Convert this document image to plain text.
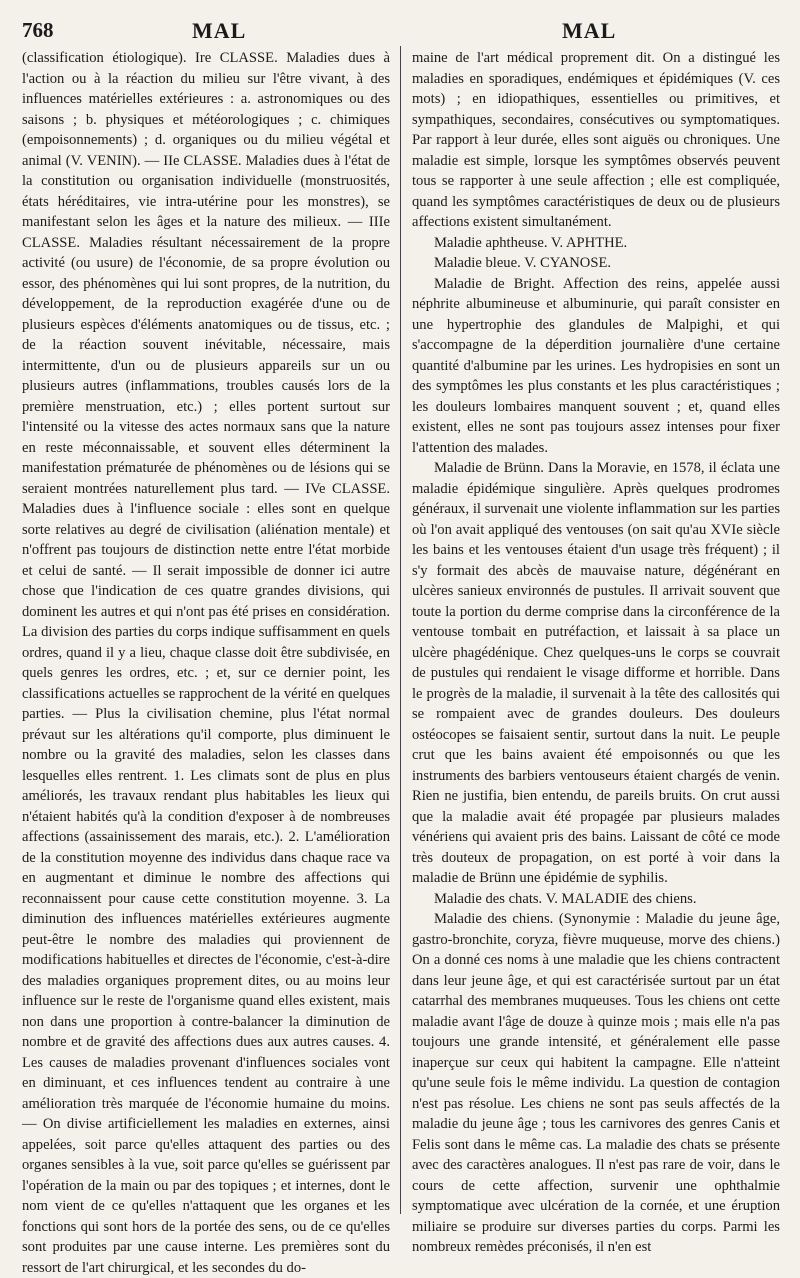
768	MAL	MAL

(classification étiologique). Ire CLASSE. Maladies dues à l'action ou à la réaction du milieu sur l'être vivant, à des influences matérielles extérieures : a. astronomiques ou des saisons ; b. physiques et météorologiques ; c. chimiques (empoisonnements) ; d. organiques ou du milieu végétal et animal (V. VENIN). — IIe CLASSE. Maladies dues à l'état de la constitution ou organisation individuelle (monstruosités, états héréditaires, vie intra-utérine pour les monstres), se manifestant selon les âges et la nature des milieux. — IIIe CLASSE. Maladies résultant nécessairement de la propre activité (ou usure) de l'économie, de sa propre évolution ou essor, des phénomènes qui lui sont propres, de la nutrition, du développement, de la reproduction exagérée d'une ou de plusieurs espèces d'éléments anatomiques ou de tissus, etc. ; de la réaction souvent inévitable, nécessaire, mais intermittente, d'un ou de plusieurs appareils sur un ou plusieurs autres (inflammations, troubles causés lors de la première menstruation, etc.) ; elles portent surtout sur l'intensité ou la vitesse des actes normaux sans que la nature en reste méconnaissable, et souvent elles déterminent la manifestation prématurée de phénomènes ou de lésions qui se seraient montrées naturellement plus tard. — IVe CLASSE. Maladies dues à l'influence sociale : elles sont en quelque sorte relatives au degré de civilisation (aliénation mentale) et n'offrent pas toujours de distinction nette entre l'état morbide et celui de santé. — Il serait impossible de donner ici autre chose que l'indication de ces quatre grandes divisions, qui dominent les autres et qui n'ont pas été prises en considération. La division des parties du corps indique suffisamment en quels ordres, quand il y a lieu, chaque classe doit être subdivisée, en quels genres les ordres, etc. ; et, sur ce dernier point, les classifications actuelles se rapprochent de la vérité en quelques parties. — Plus la civilisation chemine, plus l'état normal prévaut sur les altérations qu'il comporte, plus diminuent le nombre ou la gravité des maladies, selon les classes dans lesquelles elles rentrent. 1. Les climats sont de plus en plus améliorés, les travaux rendant plus habitables les lieux qui n'étaient habités qu'à la condition d'exposer à de nombreuses affections (assainissement des marais, etc.). 2. L'amélioration de la constitution moyenne des individus dans chaque race va en augmentant et diminue le nombre des affections qui reconnaissent pour cause cette constitution moyenne. 3. La diminution des influences matérielles extérieures augmente peut-être le nombre des maladies qui proviennent de modifications habituelles et directes de l'économie, c'est-à-dire des maladies organiques proprement dites, ou au moins leur influence sur le reste de l'organisme quand elles existent, mais non dans une proportion à contre-balancer la diminution de nombre et de gravité des affections dues aux autres causes. 4. Les causes de maladies provenant d'influences sociales vont en diminuant, et ces influences tendent au contraire à une amélioration très marquée de l'économie humaine du moins. — On divise artificiellement les maladies en externes, ainsi appelées, soit parce qu'elles attaquent des parties ou des organes sensibles à la vue, soit parce qu'elles se guérissent par l'opération de la main ou par des topiques ; et internes, dont le nom vient de ce qu'elles n'attaquent que les organes et les fonctions qui sont hors de la portée des sens, ou de ce qu'elles sont produites par une cause interne. Les premières sont du ressort de l'art chirurgical, et les secondes du do-

maine de l'art médical proprement dit. On a distingué les maladies en sporadiques, endémiques et épidémiques (V. ces mots) ; en idiopathiques, essentielles ou primitives, et sympathiques, secondaires, consécutives ou symptomatiques. Par rapport à leur durée, elles sont aiguës ou chroniques. Une maladie est simple, lorsque les symptômes observés peuvent tous se rapporter à une seule affection ; elle est compliquée, quand les symptômes caractéristiques de deux ou de plusieurs affections existent simultanément.

Maladie aphtheuse. V. APHTHE.

Maladie bleue. V. CYANOSE.

Maladie de Bright. Affection des reins, appelée aussi néphrite albumineuse et albuminurie, qui paraît consister en une hypertrophie des glandules de Malpighi, et qui s'accompagne de la déperdition journalière d'une certaine quantité d'albumine par les urines. Les hydropisies en sont un des symptômes les plus constants et les plus caractéristiques ; les douleurs lombaires manquent souvent ; et, quand elles existent, elles ne sont pas toujours assez intenses pour fixer l'attention des malades.

Maladie de Brünn. Dans la Moravie, en 1578, il éclata une maladie épidémique singulière. Après quelques prodromes généraux, il survenait une violente inflammation sur les parties où l'on avait appliqué des ventouses (on sait qu'au XVIe siècle les bains et les ventouses étaient d'un usage très fréquent) ; il s'y formait des abcès de mauvaise nature, dégénérant en ulcères sanieux environnés de pustules. Il arrivait souvent que toute la portion du derme comprise dans la circonférence de la ventouse tombait en putréfaction, et laissait à sa place un ulcère phagédénique. Chez quelques-uns le corps se couvrait de pustules qui rendaient le visage difforme et horrible. Dans le progrès de la maladie, il survenait à la tête des callosités qui se rompaient avec de grandes douleurs. Des douleurs ostéocopes se faisaient sentir, surtout dans la nuit. Le peuple crut que les bains avaient été empoisonnés ou que les instruments des barbiers ventouseurs étaient chargés de venin. Rien ne justifia, bien entendu, de pareils bruits. On crut aussi que la maladie avait été propagée par plusieurs malades vénériens qui avaient pris des bains. Laissant de côté ce mode très douteux de propagation, on est porté à voir dans la maladie de Brünn une épidémie de syphilis.

Maladie des chats. V. MALADIE des chiens.

Maladie des chiens. (Synonymie : Maladie du jeune âge, gastro-bronchite, coryza, fièvre muqueuse, morve des chiens.) On a donné ces noms à une maladie que les chiens contractent dans leur jeune âge, et qui est caractérisée surtout par un état catarrhal des membranes muqueuses. Tous les chiens ont cette maladie avant l'âge de douze à quinze mois ; mais elle n'a pas toujours une grande intensité, et généralement elle passe inaperçue sur ceux qui habitent la campagne. Elle n'atteint qu'une seule fois le même individu. La question de contagion n'est pas résolue. Les chiens ne sont pas seuls affectés de la maladie du jeune âge ; tous les carnivores des genres Canis et Felis sont dans le même cas. La maladie des chats se présente avec des caractères analogues. Il n'est pas rare de voir, dans le cours de cette affection, survenir une ophthalmie symptomatique avec ulcération de la cornée, et une éruption miliaire se produire sur diverses parties du corps. Parmi les nombreux remèdes préconisés, il n'en est
